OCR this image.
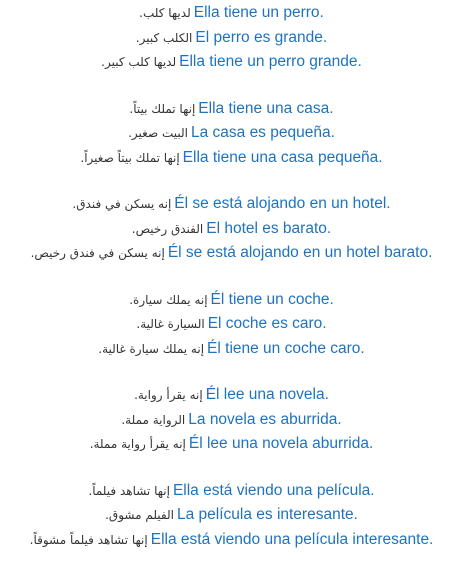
لديها كلب. Ella tiene un perro.
الكلب كبير. El perro es grande.
لديها كلب كبير. Ella tiene un perro grande.
إنها تملك بيتاً. Ella tiene una casa.
البيت صغير. La casa es pequeña.
إنها تملك بيتاً صغيراً. Ella tiene una casa pequeña.
إنه يسكن في فندق. Él se está alojando en un hotel.
الفندق رخيص. El hotel es barato.
إنه يسكن في فندق رخيص. Él se está alojando en un hotel barato.
إنه يملك سيارة. Él tiene un coche.
السيارة غالية. El coche es caro.
إنه يملك سيارة غالية. Él tiene un coche caro.
إنه يقرأ رواية. Él lee una novela.
الرواية مملة. La novela es aburrida.
إنه يقرأ رواية مملة. Él lee una novela aburrida.
إنها تشاهد فيلماً. Ella está viendo una película.
الفيلم مشوق. La película es interesante.
إنها تشاهد فيلماً مشوقاً. Ella está viendo una película interesante.
